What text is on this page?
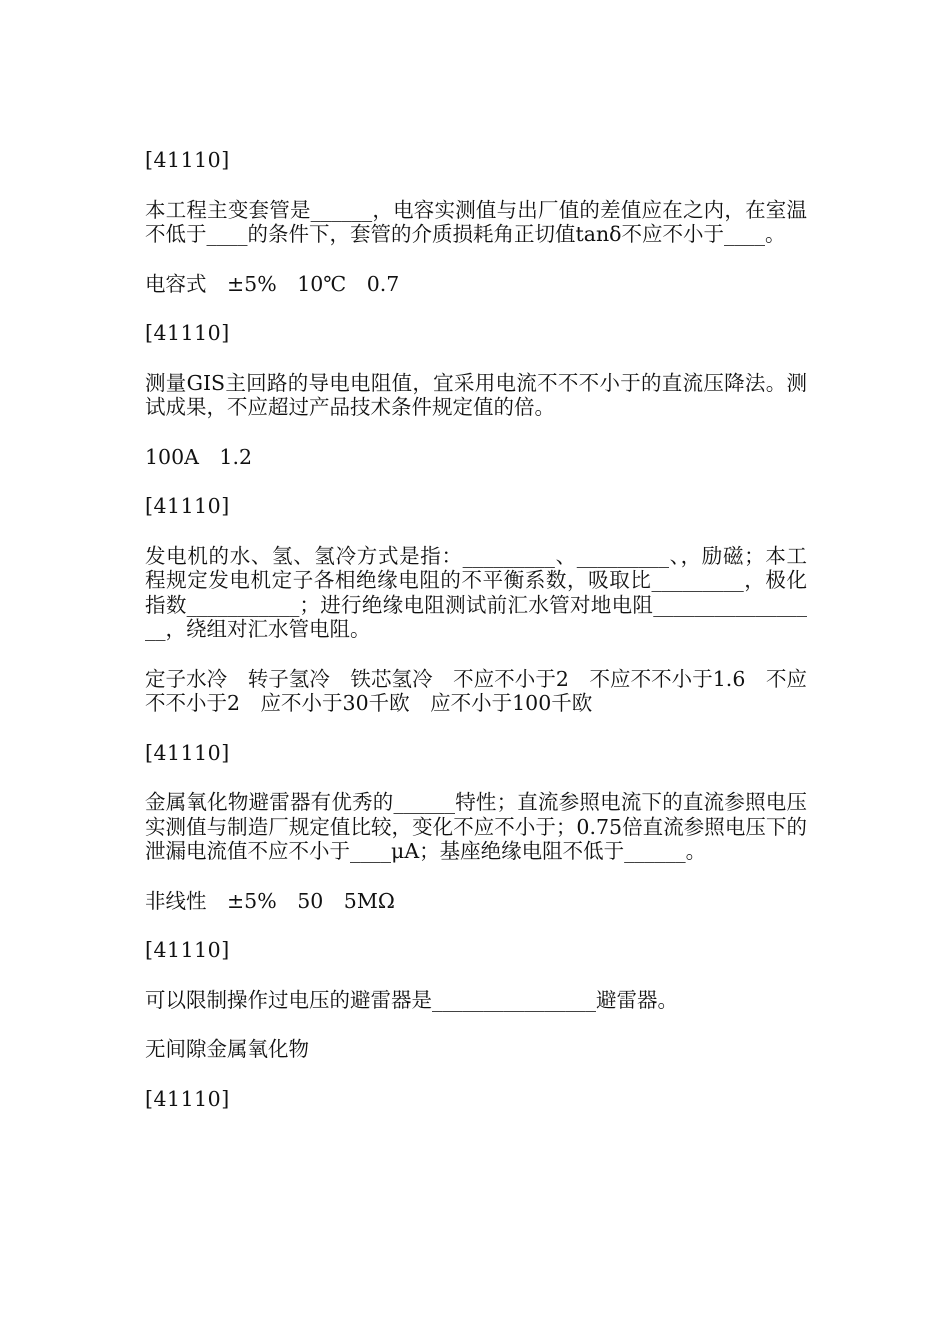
[41110]

本工程主变套管是______，电容实测值与出厂值的差值应在之内，在室温不低于____的条件下，套管的介质损耗角正切值tanδ不应不小于____。

电容式　±5%　10℃　0.7

[41110]

测量GIS主回路的导电电阻值，宜采用电流不不不小于的直流压降法。测试成果，不应超过产品技术条件规定值的倍。

100A　1.2

[41110]

发电机的水、氢、氢冷方式是指：_________、_________、，励磁；本工程规定发电机定子各相绝缘电阻的不平衡系数，吸取比_________，极化指数___________；进行绝缘电阻测试前汇水管对地电阻_________________，绕组对汇水管电阻。

定子水冷　转子氢冷　铁芯氢冷　不应不小于2　不应不不小于1.6　不应不不小于2　应不小于30千欧　应不小于100千欧

[41110]

金属氧化物避雷器有优秀的______特性；直流参照电流下的直流参照电压实测值与制造厂规定值比较，变化不应不小于；0.75倍直流参照电压下的泄漏电流值不应不小于____μA；基座绝缘电阻不低于______。

非线性　±5%　50　5MΩ

[41110]

可以限制操作过电压的避雷器是________________避雷器。

无间隙金属氧化物

[41110]
